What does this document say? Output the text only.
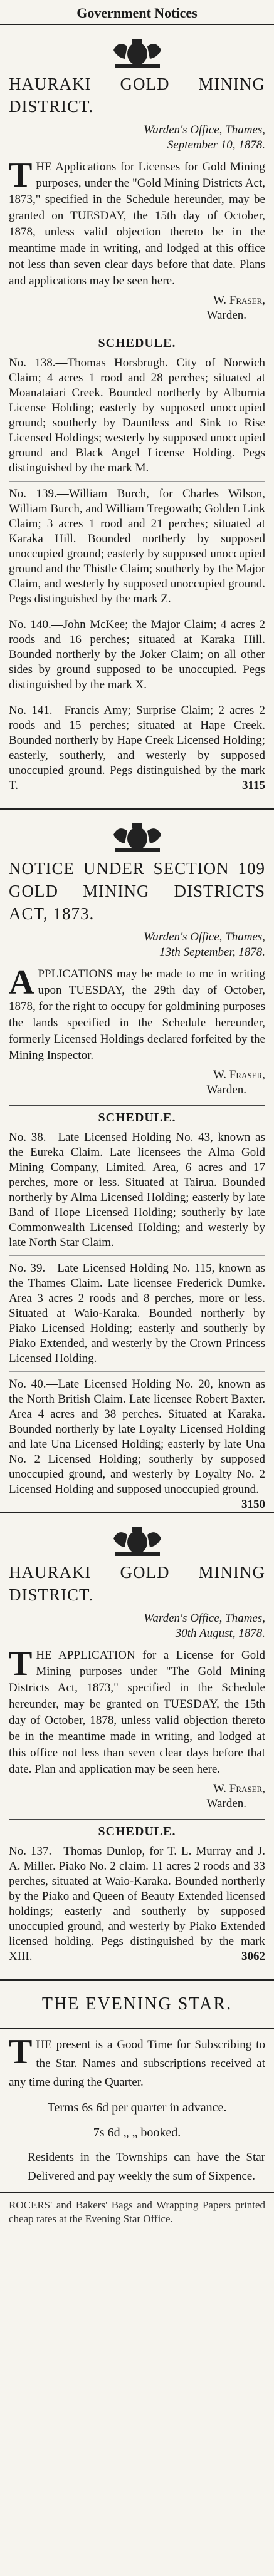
Government Notices
HAURAKI GOLD MINING DISTRICT.
Warden's Office, Thames,
September 10, 1878.

THE Applications for Licenses for Gold Mining purposes, under the "Gold Mining Districts Act, 1873," specified in the Schedule hereunder, may be granted on TUESDAY, the 15th day of October, 1878, unless valid objection thereto be in the meantime made in writing, and lodged at this office not less than seven clear days before that date. Plans and applications may be seen here.

W. Fraser,
Warden.
SCHEDULE.
No. 138.—Thomas Horsbrugh. City of Norwich Claim; 4 acres 1 rood and 28 perches; situated at Moanataiari Creek. Bounded northerly by Alburnia License Holding; easterly by supposed unoccupied ground; southerly by Dauntless and Sink to Rise Licensed Holdings; westerly by supposed unoccupied ground and Black Angel License Holding. Pegs distinguished by the mark M.
No. 139.—William Burch, for Charles Wilson, William Burch, and William Tregowath; Golden Link Claim; 3 acres 1 rood and 21 perches; situated at Karaka Hill. Bounded northerly by supposed unoccupied ground; easterly by supposed unoccupied ground and the Thistle Claim; southerly by the Major Claim, and westerly by supposed unoccupied ground. Pegs distinguished by the mark Z.
No. 140.—John McKee; the Major Claim; 4 acres 2 roods and 16 perches; situated at Karaka Hill. Bounded northerly by the Joker Claim; on all other sides by ground supposed to be unoccupied. Pegs distinguished by the mark X.
No. 141.—Francis Amy; Surprise Claim; 2 acres 2 roods and 15 perches; situated at Hape Creek. Bounded northerly by Hape Creek Licensed Holding; easterly, southerly, and westerly by supposed unoccupied ground. Pegs distinguished by the mark T.	3115
NOTICE UNDER SECTION 109 GOLD MINING DISTRICTS ACT, 1873.
Warden's Office, Thames,
13th September, 1878.

APPLICATIONS may be made to me in writing upon TUESDAY, the 29th day of October, 1878, for the right to occupy for goldmining purposes the lands specified in the Schedule hereunder, formerly Licensed Holdings declared forfeited by the Mining Inspector.

W. Fraser,
Warden.
SCHEDULE.
No. 38.—Late Licensed Holding No. 43, known as the Eureka Claim. Late licensees the Alma Gold Mining Company, Limited. Area, 6 acres and 17 perches, more or less. Situated at Tairua. Bounded northerly by Alma Licensed Holding; easterly by late Band of Hope Licensed Holding; southerly by late Commonwealth Licensed Holding; and westerly by late North Star Claim.
No. 39.—Late Licensed Holding No. 115, known as the Thames Claim. Late licensee Frederick Dumke. Area 3 acres 2 roods and 8 perches, more or less. Situated at Waio-Karaka. Bounded northerly by Piako Licensed Holding; easterly and southerly by Piako Extended, and westerly by the Crown Princess Licensed Holding.
No. 40.—Late Licensed Holding No. 20, known as the North British Claim. Late licensee Robert Baxter. Area 4 acres and 38 perches. Situated at Karaka. Bounded northerly by late Loyalty Licensed Holding and late Una Licensed Holding; easterly by late Una No. 2 Licensed Holding; southerly by supposed unoccupied ground, and westerly by Loyalty No. 2 Licensed Holding and supposed unoccupied ground.
3150
HAURAKI GOLD MINING DISTRICT.
Warden's Office, Thames,
30th August, 1878.

THE APPLICATION for a License for Gold Mining purposes under "The Gold Mining Districts Act, 1873," specified in the Schedule hereunder, may be granted on TUESDAY, the 15th day of October, 1878, unless valid objection thereto be in the meantime made in writing, and lodged at this office not less than seven clear days before that date. Plan and application may be seen here.

W. Fraser,
Warden.
SCHEDULE.
No. 137.—Thomas Dunlop, for T. L. Murray and J. A. Miller. Piako No. 2 claim. 11 acres 2 roods and 33 perches, situated at Waio-Karaka. Bounded northerly by the Piako and Queen of Beauty Extended licensed holdings; easterly and southerly by supposed unoccupied ground, and westerly by Piako Extended licensed holding. Pegs distinguished by the mark XIII.	3062
THE EVENING STAR.

THE present is a Good Time for Subscribing to the Star. Names and subscriptions received at any time during the Quarter.

Terms 6s 6d per quarter in advance.

7s 6d „ „ booked.

Residents in the Townships can have the Star Delivered and pay weekly the sum of Sixpence.

ROCERS' and Bakers' Bags and Wrapping Papers printed cheap rates at the Evening Star Office.
